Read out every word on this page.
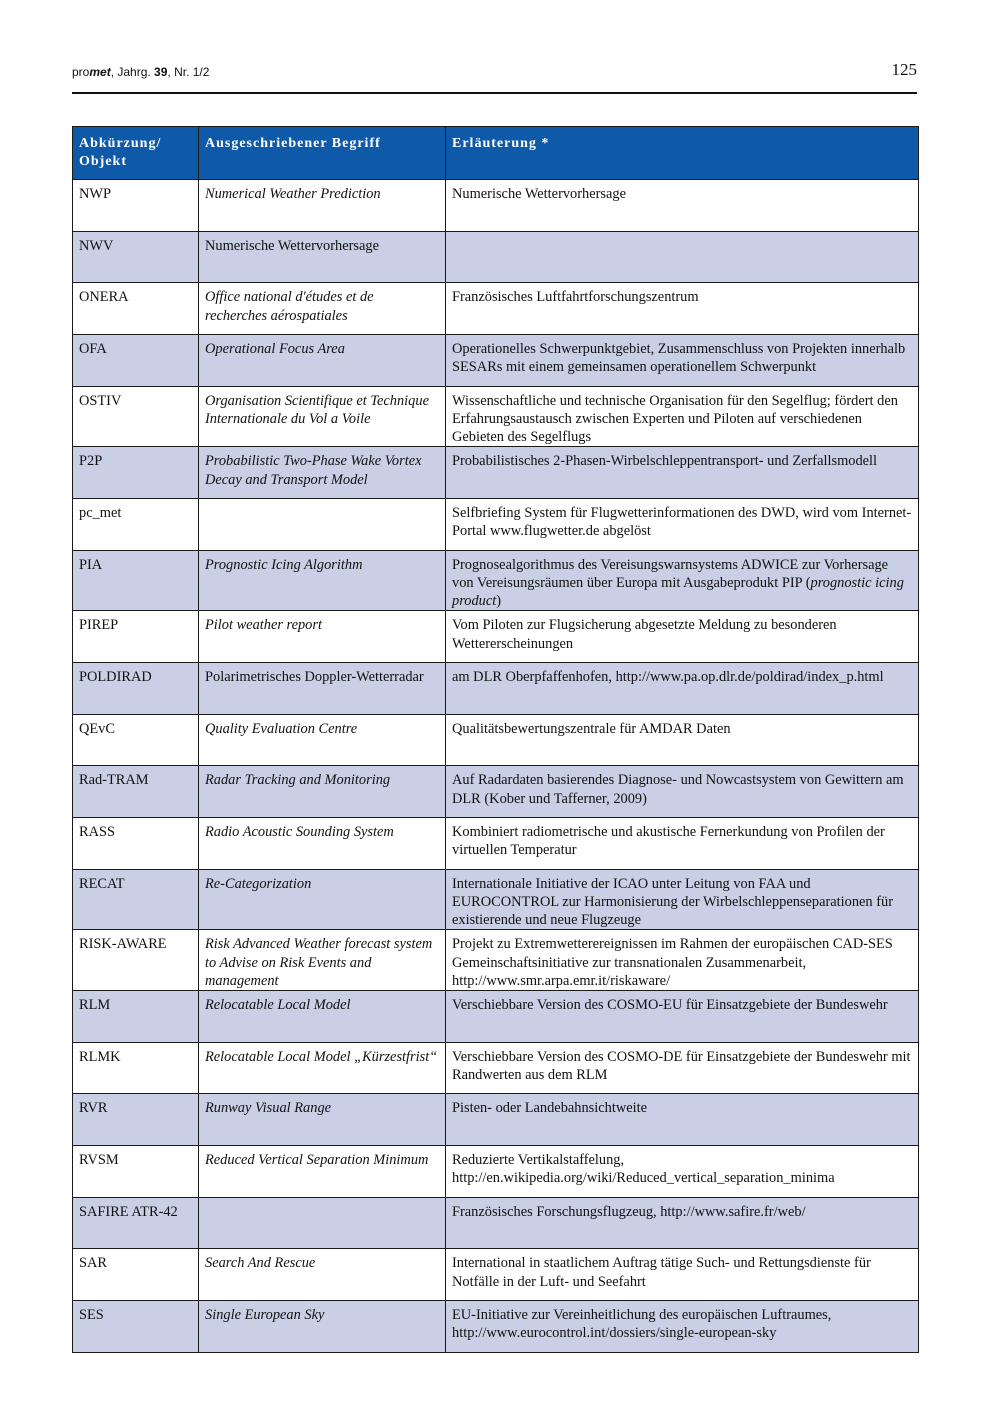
promet, Jahrg. 39, Nr. 1/2	125
Abkürzung/ Objekt	Ausgeschriebener Begriff	Erläuterung *
NWP	Numerical Weather Prediction	Numerische Wettervorhersage
NWV	Numerische Wettervorhersage	
ONERA	Office national d'études et de recherches aérospatiales	Französisches Luftfahrtforschungszentrum
OFA	Operational Focus Area	Operationelles Schwerpunktgebiet, Zusammenschluss von Projekten innerhalb SESARs mit einem gemeinsamen operationellem Schwerpunkt
OSTIV	Organisation Scientifique et Technique Internationale du Vol a Voile	Wissenschaftliche und technische Organisation für den Segelflug; fördert den Erfahrungsaustausch zwischen Experten und Piloten auf verschiedenen Gebieten des Segelflugs
P2P	Probabilistic Two-Phase Wake Vortex Decay and Transport Model	Probabilistisches 2-Phasen-Wirbelschleppentransport- und Zerfallsmodell
pc_met		Selfbriefing System für Flugwetterinformationen des DWD, wird vom Internet-Portal www.flugwetter.de abgelöst
PIA	Prognostic Icing Algorithm	Prognosealgorithmus des Vereisungswarnsystems ADWICE zur Vorhersage von Vereisungsräumen über Europa mit Ausgabeprodukt PIP (prognostic icing product)
PIREP	Pilot weather report	Vom Piloten zur Flugsicherung abgesetzte Meldung zu besonderen Wettererscheinungen
POLDIRAD	Polarimetrisches Doppler-Wetterradar	am DLR Oberpfaffenhofen, http://www.pa.op.dlr.de/poldirad/index_p.html
QEvC	Quality Evaluation Centre	Qualitätsbewertungszentrale für AMDAR Daten
Rad-TRAM	Radar Tracking and Monitoring	Auf Radardaten basierendes Diagnose- und Nowcastsystem von Gewittern am DLR (Kober und Tafferner, 2009)
RASS	Radio Acoustic Sounding System	Kombiniert radiometrische und akustische Fernerkundung von Profilen der virtuellen Temperatur
RECAT	Re-Categorization	Internationale Initiative der ICAO unter Leitung von FAA und EUROCONTROL zur Harmonisierung der Wirbelschleppenseparationen für existierende und neue Flugzeuge
RISK-AWARE	Risk Advanced Weather forecast system to Advise on Risk Events and management	Projekt zu Extremwetterereignissen im Rahmen der europäischen CAD-SES Gemeinschaftsinitiative zur transnationalen Zusammenarbeit, http://www.smr.arpa.emr.it/riskaware/
RLM	Relocatable Local Model	Verschiebbare Version des COSMO-EU für Einsatzgebiete der Bundeswehr
RLMK	Relocatable Local Model „Kürzestfrist“	Verschiebbare Version des COSMO-DE für Einsatzgebiete der Bundeswehr mit Randwerten aus dem RLM
RVR	Runway Visual Range	Pisten- oder Landebahnsichtweite
RVSM	Reduced Vertical Separation Minimum	Reduzierte Vertikalstaffelung, http://en.wikipedia.org/wiki/Reduced_vertical_separation_minima
SAFIRE ATR-42		Französisches Forschungsflugzeug, http://www.safire.fr/web/
SAR	Search And Rescue	International in staatlichem Auftrag tätige Such- und Rettungsdienste für Notfälle in der Luft- und Seefahrt
SES	Single European Sky	EU-Initiative zur Vereinheitlichung des europäischen Luftraumes, http://www.eurocontrol.int/dossiers/single-european-sky
